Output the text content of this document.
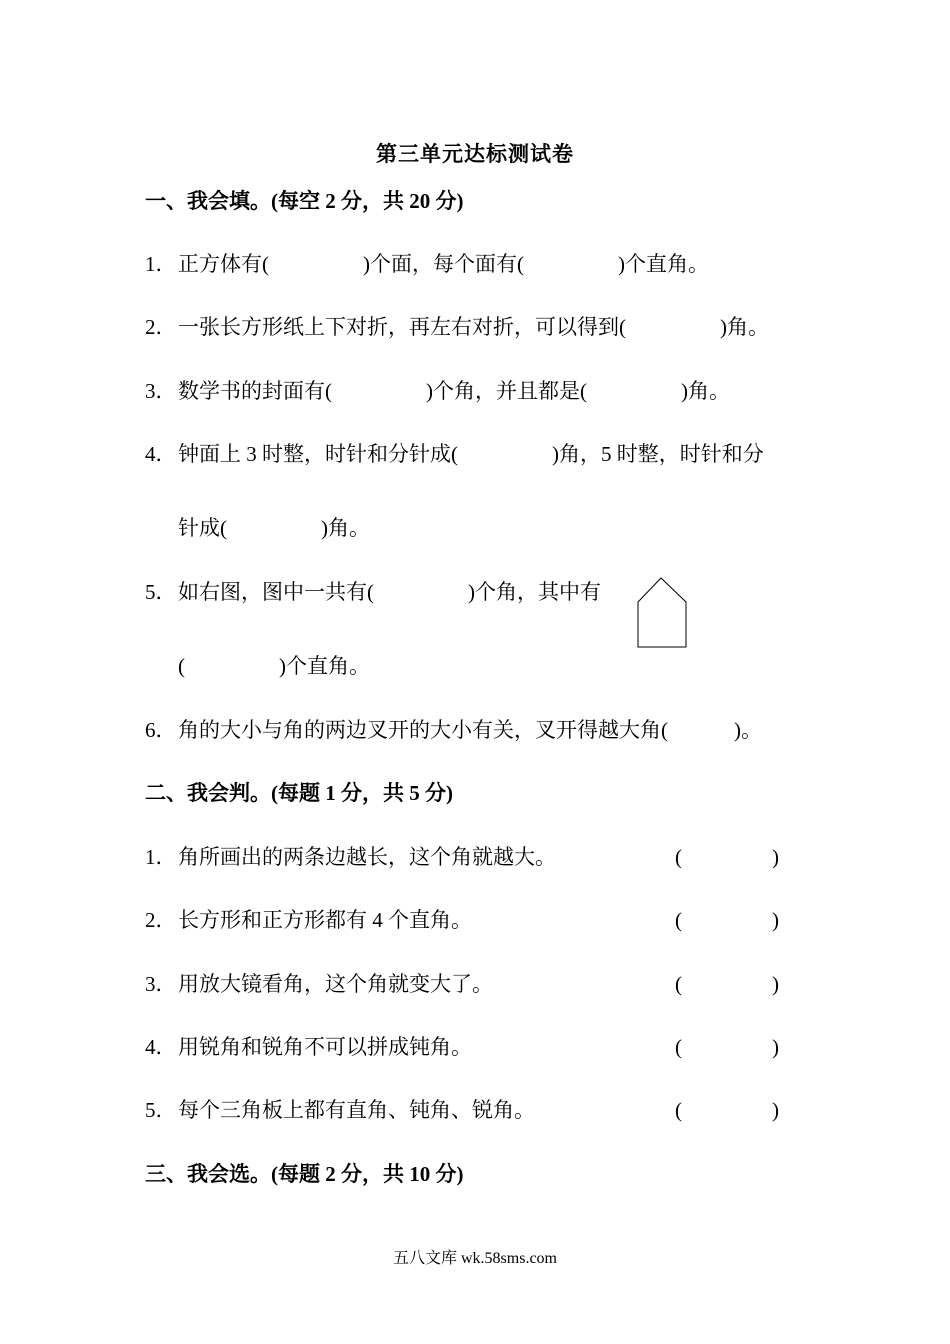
第三单元达标测试卷
一、我会填。(每空 2 分，共 20 分)
1．正方体有(	)个面，每个面有(	)个直角。
2．一张长方形纸上下对折，再左右对折，可以得到(	)角。
3．数学书的封面有(	)个角，并且都是(	)角。
4．钟面上 3 时整，时针和分针成(	)角，5 时整，时针和分
针成(	)角。
5．如右图，图中一共有(	)个角，其中有
(	)个直角。
6．角的大小与角的两边叉开的大小有关，叉开得越大角(	)。
二、我会判。(每题 1 分，共 5 分)
1．角所画出的两条边越长，这个角就越大。	(	)
2．长方形和正方形都有 4 个直角。	(	)
3．用放大镜看角，这个角就变大了。	(	)
4．用锐角和锐角不可以拼成钝角。	(	)
5．每个三角板上都有直角、钝角、锐角。	(	)
三、我会选。(每题 2 分，共 10 分)
五八文库 wk.58sms.com
